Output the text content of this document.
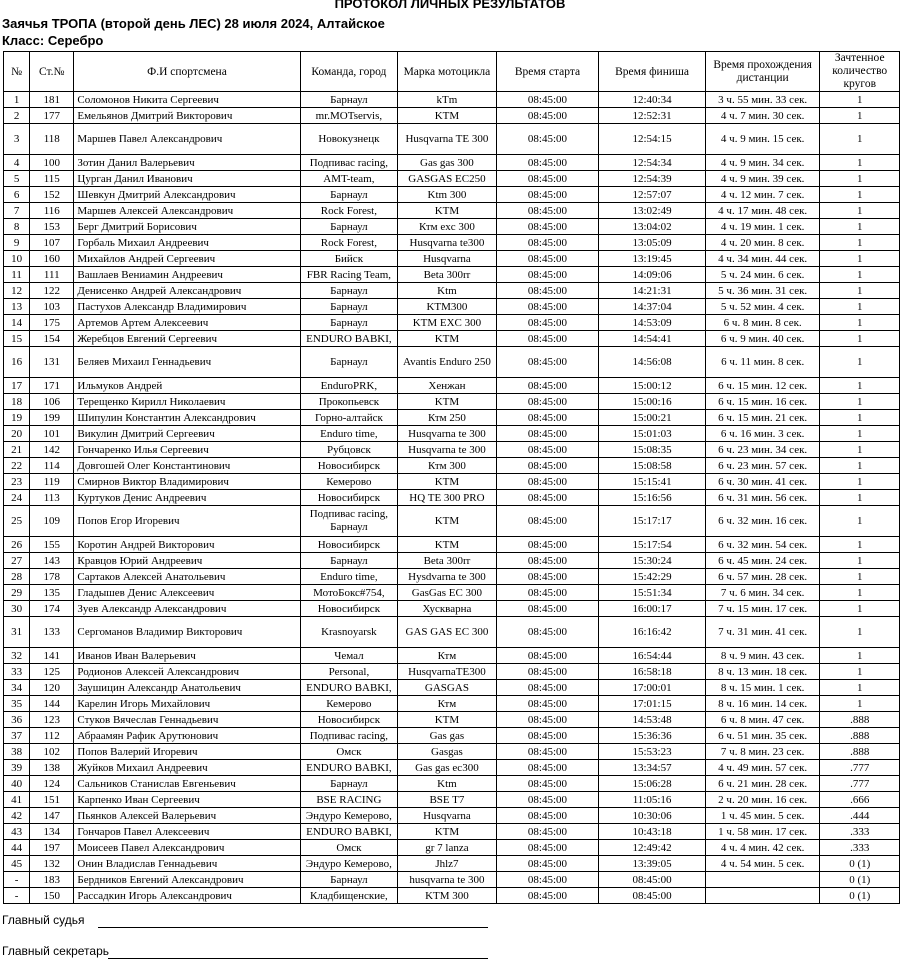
ПРОТОКОЛ ЛИЧНЫХ РЕЗУЛЬТАТОВ
Заячья ТРОПА (второй день ЛЕС) 28 июля 2024, Алтайское
Класс: Серебро
№	Ст.№	Ф.И спортсмена	Команда, город	Марка мотоцикла	Время старта	Время финиша	Время прохождения дистанции	Зачтенное количество кругов
1	181	Соломонов Никита Сергеевич	Барнаул	kTm	08:45:00	12:40:34	3 ч. 55 мин. 33 сек.	1
2	177	Емельянов Дмитрий Викторович	mr.MOTservis,	KTM	08:45:00	12:52:31	4 ч. 7 мин. 30 сек.	1
3	118	Маршев Павел Александрович	Новокузнецк	Husqvarna TE 300	08:45:00	12:54:15	4 ч. 9 мин. 15 сек.	1
4	100	Зотин Данил Валерьевич	Подпивас racing,	Gas gas 300	08:45:00	12:54:34	4 ч. 9 мин. 34 сек.	1
5	115	Цурган Данил Иванович	AMT-team,	GASGAS EC250	08:45:00	12:54:39	4 ч. 9 мин. 39 сек.	1
6	152	Шевкун Дмитрий Александрович	Барнаул	Ktm 300	08:45:00	12:57:07	4 ч. 12 мин. 7 сек.	1
7	116	Маршев Алексей Александрович	Rock Forest,	KTM	08:45:00	13:02:49	4 ч. 17 мин. 48 сек.	1
8	153	Берг Дмитрий Борисович	Барнаул	Ктм exc 300	08:45:00	13:04:02	4 ч. 19 мин. 1 сек.	1
9	107	Горбаль Михаил Андреевич	Rock Forest,	Husqvarna te300	08:45:00	13:05:09	4 ч. 20 мин. 8 сек.	1
10	160	Михайлов Андрей Сергеевич	Бийск	Husqvarna	08:45:00	13:19:45	4 ч. 34 мин. 44 сек.	1
11	111	Вашлаев Вениамин Андреевич	FBR Racing Team,	Beta 300rr	08:45:00	14:09:06	5 ч. 24 мин. 6 сек.	1
12	122	Денисенко Андрей Александрович	Барнаул	Ktm	08:45:00	14:21:31	5 ч. 36 мин. 31 сек.	1
13	103	Пастухов Александр Владимирович	Барнаул	KTM300	08:45:00	14:37:04	5 ч. 52 мин. 4 сек.	1
14	175	Артемов Артем Алексеевич	Барнаул	KTM EXC 300	08:45:00	14:53:09	6 ч. 8 мин. 8 сек.	1
15	154	Жеребцов Евгений Сергеевич	ENDURO BABKI,	KTM	08:45:00	14:54:41	6 ч. 9 мин. 40 сек.	1
16	131	Беляев Михаил Геннадьевич	Барнаул	Avantis Enduro 250	08:45:00	14:56:08	6 ч. 11 мин. 8 сек.	1
17	171	Ильмуков Андрей	EnduroPRK,	Хенжан	08:45:00	15:00:12	6 ч. 15 мин. 12 сек.	1
18	106	Терещенко Кирилл Николаевич	Прокопьевск	KTM	08:45:00	15:00:16	6 ч. 15 мин. 16 сек.	1
19	199	Шипулин Константин Александрович	Горно-алтайск	Ктм 250	08:45:00	15:00:21	6 ч. 15 мин. 21 сек.	1
20	101	Викулин Дмитрий Сергеевич	Enduro time,	Husqvarna te 300	08:45:00	15:01:03	6 ч. 16 мин. 3 сек.	1
21	142	Гончаренко Илья Сергеевич	Рубцовск	Husqvarna te 300	08:45:00	15:08:35	6 ч. 23 мин. 34 сек.	1
22	114	Довгошей Олег Константинович	Новосибирск	Ктм 300	08:45:00	15:08:58	6 ч. 23 мин. 57 сек.	1
23	119	Смирнов Виктор Владимирович	Кемерово	KTM	08:45:00	15:15:41	6 ч. 30 мин. 41 сек.	1
24	113	Куртуков Денис Андреевич	Новосибирск	HQ TE 300 PRO	08:45:00	15:16:56	6 ч. 31 мин. 56 сек.	1
25	109	Попов Егор Игоревич	Подпивас racing, Барнаул	KTM	08:45:00	15:17:17	6 ч. 32 мин. 16 сек.	1
26	155	Коротин Андрей Викторович	Новосибирск	KTM	08:45:00	15:17:54	6 ч. 32 мин. 54 сек.	1
27	143	Кравцов Юрий Андреевич	Барнаул	Beta 300rr	08:45:00	15:30:24	6 ч. 45 мин. 24 сек.	1
28	178	Сартаков Алексей Анатольевич	Enduro time,	Hysdvarna te 300	08:45:00	15:42:29	6 ч. 57 мин. 28 сек.	1
29	135	Гладышев Денис Алексеевич	МотоБокс#754,	GasGas EC 300	08:45:00	15:51:34	7 ч. 6 мин. 34 сек.	1
30	174	Зуев Александр Александрович	Новосибирск	Хускварна	08:45:00	16:00:17	7 ч. 15 мин. 17 сек.	1
31	133	Сергоманов Владимир Викторович	Krasnoyarsk	GAS GAS EC 300	08:45:00	16:16:42	7 ч. 31 мин. 41 сек.	1
32	141	Иванов Иван Валерьевич	Чемал	Ктм	08:45:00	16:54:44	8 ч. 9 мин. 43 сек.	1
33	125	Родионов Алексей Александрович	Personal,	HusqvarnaTE300	08:45:00	16:58:18	8 ч. 13 мин. 18 сек.	1
34	120	Заушицин Александр Анатольевич	ENDURO BABKI,	GASGAS	08:45:00	17:00:01	8 ч. 15 мин. 1 сек.	1
35	144	Карелин Игорь Михайлович	Кемерово	Ктм	08:45:00	17:01:15	8 ч. 16 мин. 14 сек.	1
36	123	Стуков Вячеслав Геннадьевич	Новосибирск	KTM	08:45:00	14:53:48	6 ч. 8 мин. 47 сек.	.888
37	112	Абраамян Рафик Арутюнович	Подпивас racing,	Gas gas	08:45:00	15:36:36	6 ч. 51 мин. 35 сек.	.888
38	102	Попов Валерий Игоревич	Омск	Gasgas	08:45:00	15:53:23	7 ч. 8 мин. 23 сек.	.888
39	138	Жуйков Михаил Андреевич	ENDURO BABKI,	Gas gas ec300	08:45:00	13:34:57	4 ч. 49 мин. 57 сек.	.777
40	124	Сальников Станислав Евгеньевич	Барнаул	Ktm	08:45:00	15:06:28	6 ч. 21 мин. 28 сек.	.777
41	151	Карпенко Иван Сергеевич	BSE RACING	BSE T7	08:45:00	11:05:16	2 ч. 20 мин. 16 сек.	.666
42	147	Пьянков Алексей Валерьевич	Эндуро Кемерово,	Husqvarna	08:45:00	10:30:06	1 ч. 45 мин. 5 сек.	.444
43	134	Гончаров Павел Алексеевич	ENDURO BABKI,	KTM	08:45:00	10:43:18	1 ч. 58 мин. 17 сек.	.333
44	197	Моисеев Павел Александрович	Омск	gr 7 lanza	08:45:00	12:49:42	4 ч. 4 мин. 42 сек.	.333
45	132	Онин Владислав Геннадьевич	Эндуро Кемерово,	Jhlz7	08:45:00	13:39:05	4 ч. 54 мин. 5 сек.	0 (1)
-	183	Бердников Евгений Александрович	Барнаул	husqvarna te 300	08:45:00	08:45:00		0 (1)
-	150	Рассадкин Игорь Александрович	Кладбищенские,	KTM 300	08:45:00	08:45:00		0 (1)
Главный судья
Главный секретарь
